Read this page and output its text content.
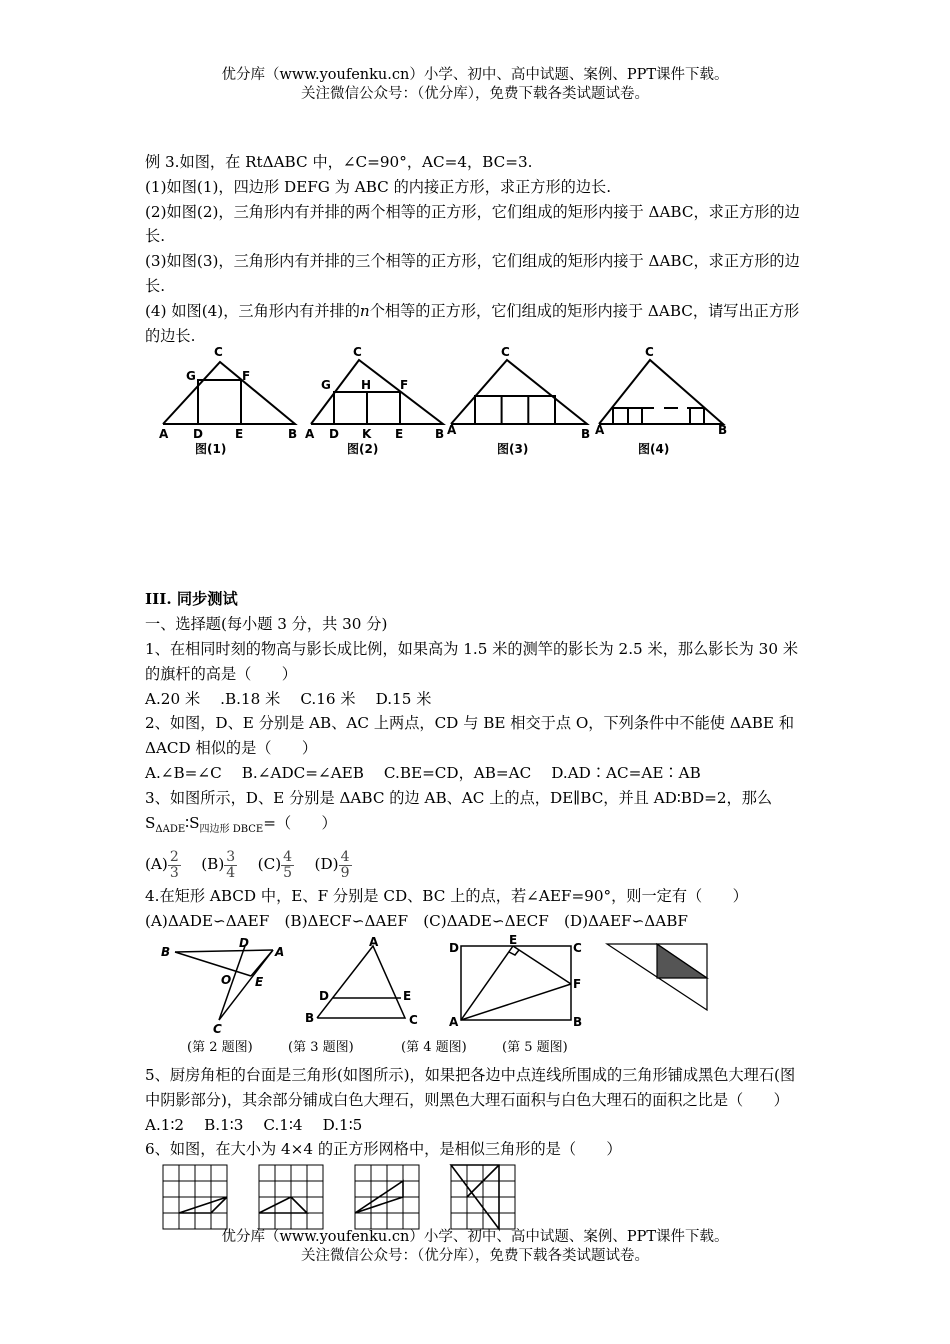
优分库（www.youfenku.cn）小学、初中、高中试题、案例、PPT课件下载。
关注微信公众号：（优分库），免费下载各类试题试卷。

例 3.如图，在 RtΔABC 中，∠C=90°，AC=4，BC=3.

(1)如图(1)，四边形 DEFG 为 ABC 的内接正方形，求正方形的边长.

(2)如图(2)，三角形内有并排的两个相等的正方形，它们组成的矩形内接于 ΔABC，求正方形的边长.

(3)如图(3)，三角形内有并排的三个相等的正方形，它们组成的矩形内接于 ΔABC，求正方形的边长.

(4) 如图(4)，三角形内有并排的n个相等的正方形，它们组成的矩形内接于 ΔABC，请写出正方形的边长.

C
G	F
A D	E	B
图(1)
C
G	H F
A D K E	B
图(2)
C
A	B
图(3)
C
A	B
图(4)

III. 同步测试

一、选择题(每小题 3 分，共 30 分)

1、在相同时刻的物高与影长成比例，如果高为 1.5 米的测竿的影长为 2.5 米，那么影长为 30 米的旗杆的高是（　　）

A.20 米　 .B.18 米　 C.16 米　 D.15 米

2、如图，D、E 分别是 AB、AC 上两点，CD 与 BE 相交于点 O，下列条件中不能使 ΔABE 和 ΔACD 相似的是（　　）

A.∠B=∠C　 B.∠ADC=∠AEB　 C.BE=CD，AB=AC　 D.AD∶AC=AE∶AB

3、如图所示，D、E 分别是 ΔABC 的边 AB、AC 上的点，DE∥BC，并且 AD∶BD=2，那么 $S_{\Delta ADE}∶S_{四边形 DBCE}=$（　　）

$(A) \frac{2}{3} (B) \frac{3}{4} (C) \frac{4}{5} (D) \frac{4}{9}$

4.在矩形 ABCD 中，E、F 分别是 CD、BC 上的点，若∠AEF=90°，则一定有（　　）

(A)ΔADE∽ΔAEF　(B)ΔECF∽ΔAEF　(C)ΔADE∽ΔECF　(D)ΔAEF∽ΔABF

B
D
A
O E
C
A
D	E
B	C
D
E
C
F
A	B
(第 2 题图)	(第 3 题图)	(第 4 题图)	(第 5 题图)

5、厨房角柜的台面是三角形(如图所示)，如果把各边中点连线所围成的三角形铺成黑色大理石(图中阴影部分)，其余部分铺成白色大理石，则黑色大理石面积与白色大理石的面积之比是（　　）

A.1∶2　 B.1∶3　 C.1∶4　 D.1∶5

6、如图，在大小为 4×4 的正方形网格中，是相似三角形的是（　　）

优分库（www.youfenku.cn）小学、初中、高中试题、案例、PPT课件下载。
关注微信公众号：（优分库），免费下载各类试题试卷。
